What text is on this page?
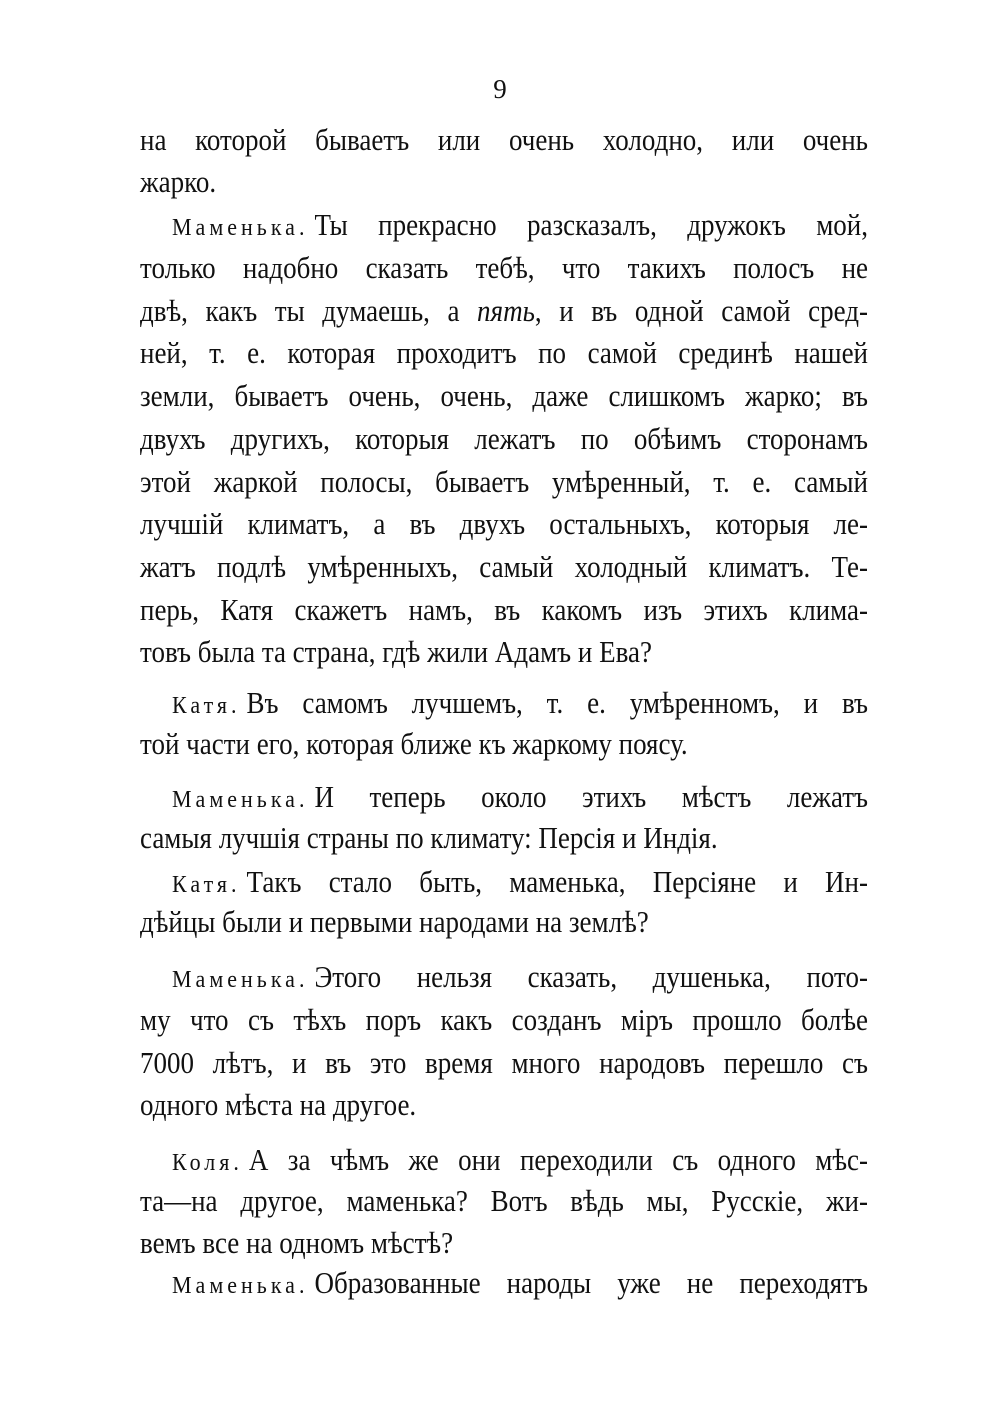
9
на которой бываетъ или очень холодно, или очень
жарко.
Маменька. Ты прекрасно разсказалъ, дружокъ мой,
только надобно сказать тебѣ, что такихъ полосъ не
двѣ, какъ ты думаешь, а пять, и въ одной самой сред-
ней, т. е. которая проходитъ по самой срединѣ нашей
земли, бываетъ очень, очень, даже слишкомъ жарко; въ
двухъ другихъ, которыя лежатъ по обѣимъ сторонамъ
этой жаркой полосы, бываетъ умѣренный, т. е. самый
лучшій климатъ, а въ двухъ остальныхъ, которыя ле-
жатъ подлѣ умѣренныхъ, самый холодный климатъ. Те-
перь, Катя скажетъ намъ, въ какомъ изъ этихъ клима-
товъ была та страна, гдѣ жили Адамъ и Ева?
Катя. Въ самомъ лучшемъ, т. е. умѣренномъ, и въ
той части его, которая ближе къ жаркому поясу.
Маменька. И теперь около этихъ мѣстъ лежатъ
самыя лучшія страны по климату: Персія и Индія.
Катя. Такъ стало быть, маменька, Персіяне и Ин-
дѣйцы были и первыми народами на землѣ?
Маменька. Этого нельзя сказать, душенька, пото-
му что съ тѣхъ поръ какъ созданъ міръ прошло болѣе
7000 лѣтъ, и въ это время много народовъ перешло съ
одного мѣста на другое.
Коля. А за чѣмъ же они переходили съ одного мѣс-
та—на другое, маменька? Вотъ вѣдь мы, Русскіе, жи-
вемъ все на одномъ мѣстѣ?
Маменька. Образованные народы уже не переходятъ
